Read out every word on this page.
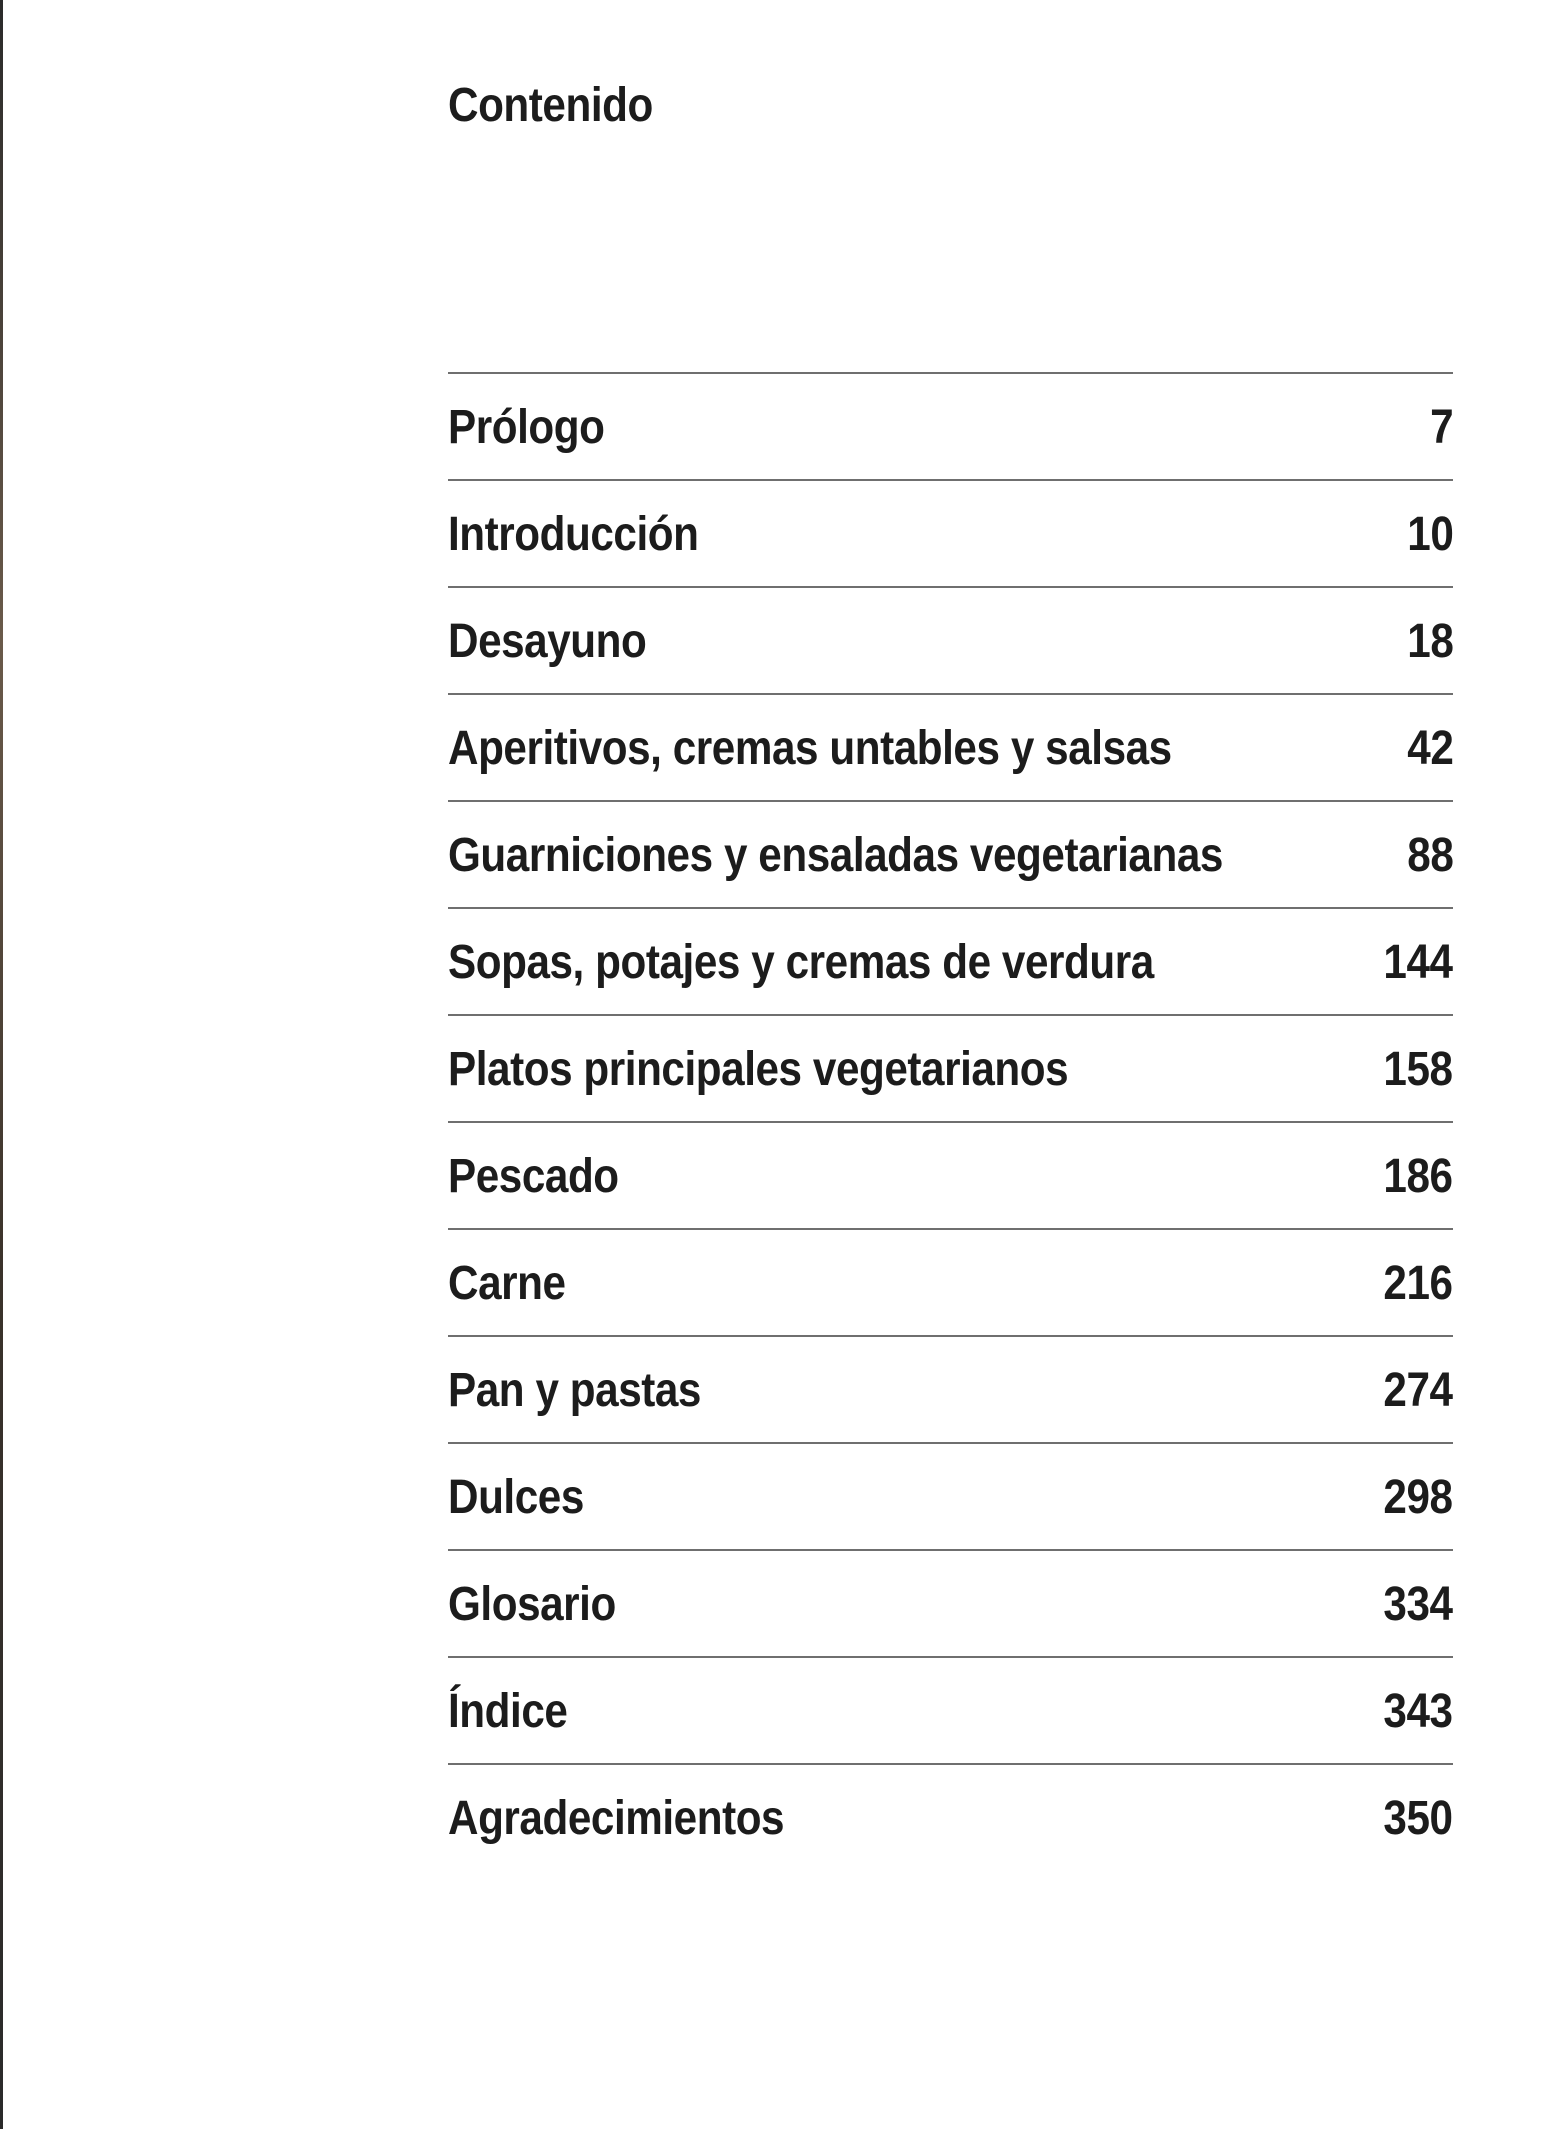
Contenido
Prólogo	7
Introducción	10
Desayuno	18
Aperitivos, cremas untables y salsas	42
Guarniciones y ensaladas vegetarianas	88
Sopas, potajes y cremas de verdura	144
Platos principales vegetarianos	158
Pescado	186
Carne	216
Pan y pastas	274
Dulces	298
Glosario	334
Índice	343
Agradecimientos	350
